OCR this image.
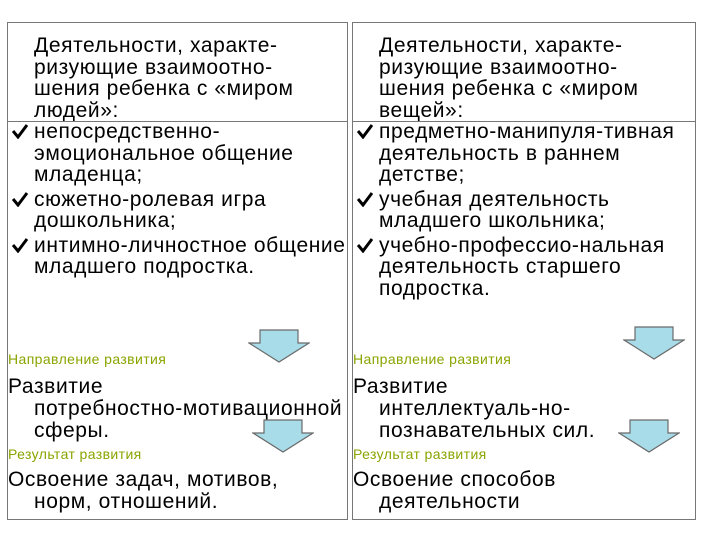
Деятельности, характе-ризующие взаимоотно-шения ребенка с «миром людей»:
непосредственно-эмоциональное общение младенца;
сюжетно-ролевая игра дошкольника;
интимно-личностное общение младшего подростка.
Направление развития
Развитие
потребностно-мотивационной сферы.
Результат развития
Освоение задач, мотивов,
норм, отношений.
Деятельности, характе-ризующие взаимоотно-шения ребенка с «миром вещей»:
предметно-манипуля-тивная деятельность в раннем детстве;
учебная деятельность младшего школьника;
учебно-профессио-нальная деятельность старшего подростка.
Направление развития
Развитие
интеллектуаль-но-познавательных сил.
Результат развития
Освоение способов
деятельности
